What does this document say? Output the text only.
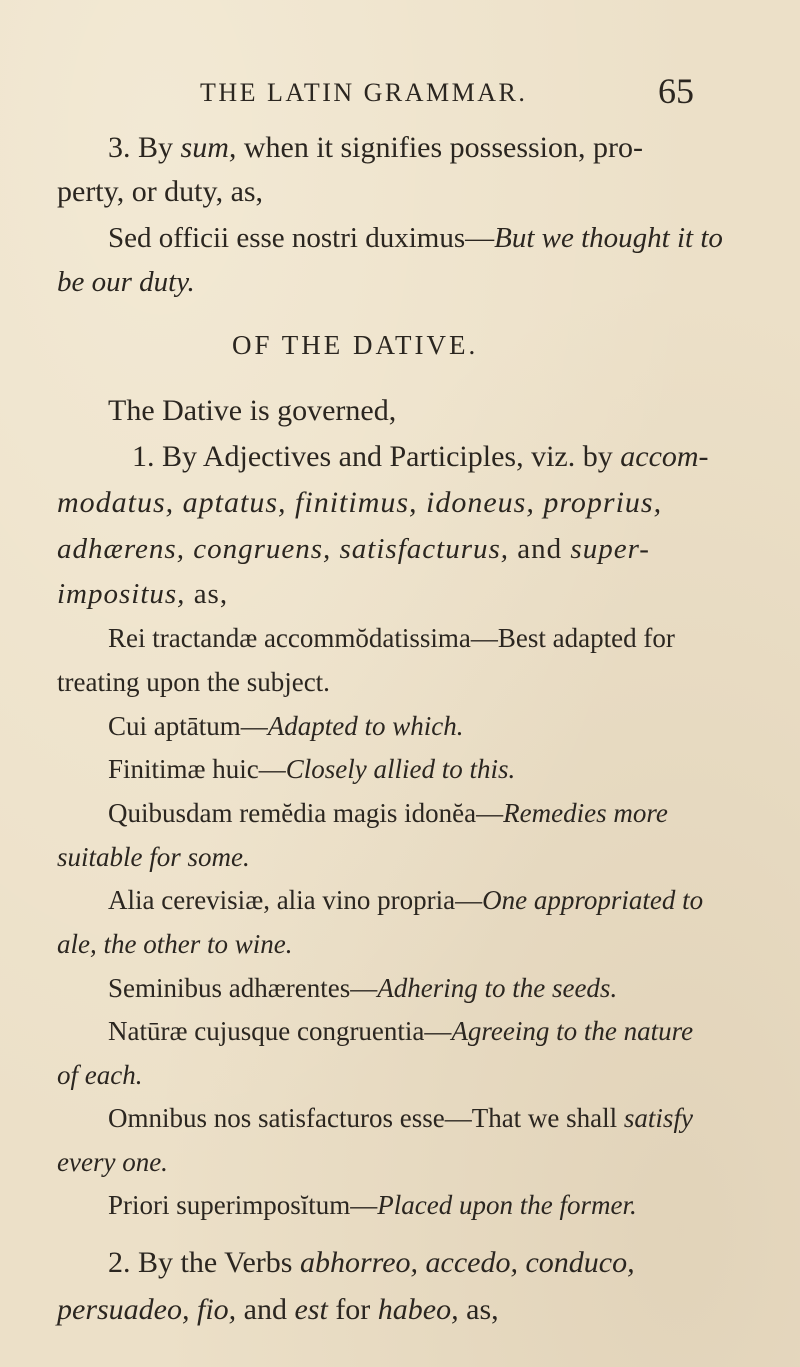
THE LATIN GRAMMAR.	65
3. By sum, when it signifies possession, pro-
perty, or duty, as,
Sed officii esse nostri duximus—But we thought it to
be our duty.
OF THE DATIVE.
The Dative is governed,
1. By Adjectives and Participles, viz. by accom-
modatus, aptatus, finitimus, idoneus, proprius,
adhærens, congruens, satisfacturus, and super-
impositus, as,
Rei tractandæ accommŏdatissima—Best adapted for
treating upon the subject.
Cui aptātum—Adapted to which.
Finitimæ huic—Closely allied to this.
Quibusdam remĕdia magis idonĕa—Remedies more
suitable for some.
Alia cerevisiæ, alia vino propria—One appropriated to
ale, the other to wine.
Seminibus adhærentes—Adhering to the seeds.
Natūræ cujusque congruentia—Agreeing to the nature
of each.
Omnibus nos satisfacturos esse—That we shall satisfy
every one.
Priori superimposĭtum—Placed upon the former.
2. By the Verbs abhorreo, accedo, conduco,
persuadeo, fio, and est for habeo, as,
